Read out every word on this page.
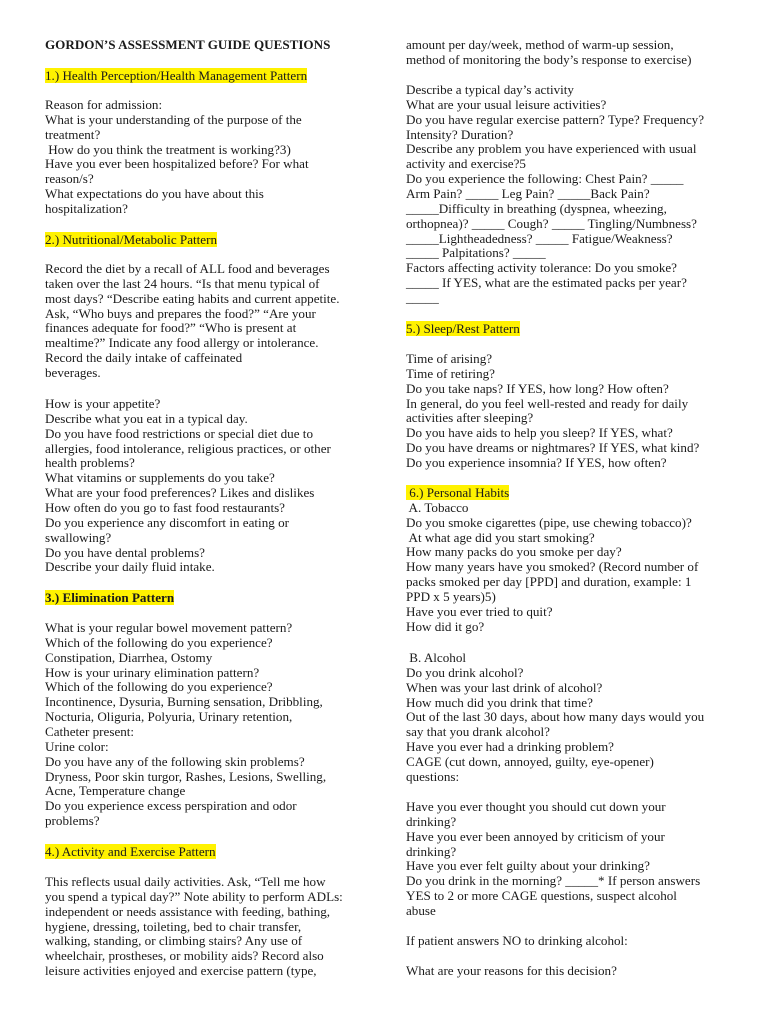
GORDON’S ASSESSMENT GUIDE QUESTIONS
1.) Health Perception/Health Management Pattern
Reason for admission:
What is your understanding of the purpose of the
treatment?
How do you think the treatment is working?3)
Have you ever been hospitalized before? For what
reason/s?
What expectations do you have about this
hospitalization?
2.) Nutritional/Metabolic Pattern
Record the diet by a recall of ALL food and beverages
taken over the last 24 hours. “Is that menu typical of
most days? “Describe eating habits and current appetite.
Ask, “Who buys and prepares the food?” “Are your
finances adequate for food?” “Who is present at
mealtime?” Indicate any food allergy or intolerance.
Record the daily intake of caffeinated
beverages.
How is your appetite?
Describe what you eat in a typical day.
Do you have food restrictions or special diet due to
allergies, food intolerance, religious practices, or other
health problems?
What vitamins or supplements do you take?
What are your food preferences? Likes and dislikes
How often do you go to fast food restaurants?
Do you experience any discomfort in eating or
swallowing?
Do you have dental problems?
Describe your daily fluid intake.
3.) Elimination Pattern
What is your regular bowel movement pattern?
Which of the following do you experience?
Constipation, Diarrhea, Ostomy
How is your urinary elimination pattern?
Which of the following do you experience?
Incontinence, Dysuria, Burning sensation, Dribbling,
Nocturia, Oliguria, Polyuria, Urinary retention,
Catheter present:
Urine color:
Do you have any of the following skin problems?
Dryness, Poor skin turgor, Rashes, Lesions, Swelling,
Acne, Temperature change
Do you experience excess perspiration and odor
problems?
4.) Activity and Exercise Pattern
This reflects usual daily activities. Ask, “Tell me how
you spend a typical day?” Note ability to perform ADLs:
independent or needs assistance with feeding, bathing,
hygiene, dressing, toileting, bed to chair transfer,
walking, standing, or climbing stairs? Any use of
wheelchair, prostheses, or mobility aids? Record also
leisure activities enjoyed and exercise pattern (type,
amount per day/week, method of warm-up session,
method of monitoring the body’s response to exercise)
Describe a typical day’s activity
What are your usual leisure activities?
Do you have regular exercise pattern? Type? Frequency?
Intensity? Duration?
Describe any problem you have experienced with usual
activity and exercise?5
Do you experience the following: Chest Pain? _____
Arm Pain? _____ Leg Pain? _____Back Pain?
_____Difficulty in breathing (dyspnea, wheezing,
orthopnea)? _____ Cough? _____ Tingling/Numbness?
_____Lightheadedness? _____ Fatigue/Weakness?
_____ Palpitations? _____
Factors affecting activity tolerance: Do you smoke?
_____ If YES, what are the estimated packs per year?
_____
5.) Sleep/Rest Pattern
Time of arising?
Time of retiring?
Do you take naps? If YES, how long? How often?
In general, do you feel well-rested and ready for daily
activities after sleeping?
Do you have aids to help you sleep? If YES, what?
Do you have dreams or nightmares? If YES, what kind?
Do you experience insomnia? If YES, how often?
6.) Personal Habits
A. Tobacco
Do you smoke cigarettes (pipe, use chewing tobacco)?
At what age did you start smoking?
How many packs do you smoke per day?
How many years have you smoked? (Record number of
packs smoked per day [PPD] and duration, example: 1
PPD x 5 years)5)
Have you ever tried to quit?
How did it go?
B. Alcohol
Do you drink alcohol?
When was your last drink of alcohol?
How much did you drink that time?
Out of the last 30 days, about how many days would you
say that you drank alcohol?
Have you ever had a drinking problem?
CAGE (cut down, annoyed, guilty, eye-opener)
questions:
Have you ever thought you should cut down your
drinking?
Have you ever been annoyed by criticism of your
drinking?
Have you ever felt guilty about your drinking?
Do you drink in the morning? _____* If person answers
YES to 2 or more CAGE questions, suspect alcohol
abuse
If patient answers NO to drinking alcohol:
What are your reasons for this decision?
